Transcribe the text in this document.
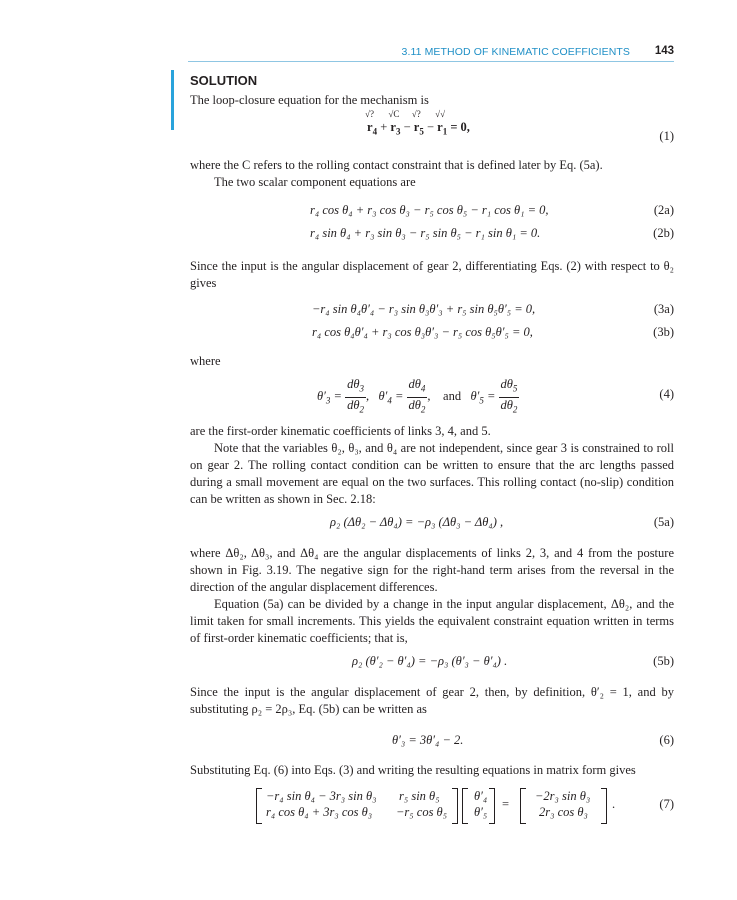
3.11 METHOD OF KINEMATIC COEFFICIENTS 143
SOLUTION
The loop-closure equation for the mechanism is
$r_4$
√?
+ $r_3$
√C
− $r_5$
√?
− $r_1$
√√
= 0,
(1)
where the C refers to the rolling contact constraint that is defined later by Eq. (5a).
The two scalar component equations are
r₄ cos θ₄ + r₃ cos θ₃ − r₅ cos θ₅ − r₁ cos θ₁ = 0,	(2a)
r₄ sin θ₄ + r₃ sin θ₃ − r₅ sin θ₅ − r₁ sin θ₁ = 0.	(2b)
Since the input is the angular displacement of gear 2, differentiating Eqs. (2) with respect to θ₂ gives
−r₄ sin θ₄θ′₄ − r₃ sin θ₃θ′₃ + r₅ sin θ₅θ′₅ = 0,	(3a)
r₄ cos θ₄θ′₄ + r₃ cos θ₃θ′₃ − r₅ cos θ₅θ′₅ = 0,	(3b)
where
$\theta'_3 = \frac{d\theta_3}{d\theta_2}$ ,   $\theta'_4 = \frac{d\theta_4}{d\theta_2}$ ,    and   $\theta'_5 = \frac{d\theta_5}{d\theta_2}$	(4)
are the first-order kinematic coefficients of links 3, 4, and 5.
Note that the variables θ₂, θ₃, and θ₄ are not independent, since gear 3 is constrained to roll on gear 2. The rolling contact condition can be written to ensure that the arc lengths passed during a small movement are equal on the two surfaces. This rolling contact (no-slip) condition can be written as shown in Sec. 2.18:
ρ₂ (Δθ₂ − Δθ₄) = −ρ₃ (Δθ₃ − Δθ₄) ,	(5a)
where Δθ₂, Δθ₃, and Δθ₄ are the angular displacements of links 2, 3, and 4 from the posture shown in Fig. 3.19. The negative sign for the right-hand term arises from the reversal in the direction of the angular displacement differences.
Equation (5a) can be divided by a change in the input angular displacement, Δθ₂, and the limit taken for small increments. This yields the equivalent constraint equation written in terms of first-order kinematic coefficients; that is,
ρ₂ (θ′₂ − θ′₄) = −ρ₃ (θ′₃ − θ′₄) .	(5b)
Since the input is the angular displacement of gear 2, then, by definition, θ′₂ = 1, and by substituting ρ₂ = 2ρ₃, Eq. (5b) can be written as
θ′₃ = 3θ′₄ − 2.	(6)
Substituting Eq. (6) into Eqs. (3) and writing the resulting equations in matrix form gives
−r₄ sin θ₄ − 3r₃ sin θ₃ r₅ sin θ₅
r₄ cos θ₄ + 3r₃ cos θ₃ −r₅ cos θ₅
θ′₄
θ′₅
=
−2r₃ sin θ₃
2r₃ cos θ₃
.	(7)
